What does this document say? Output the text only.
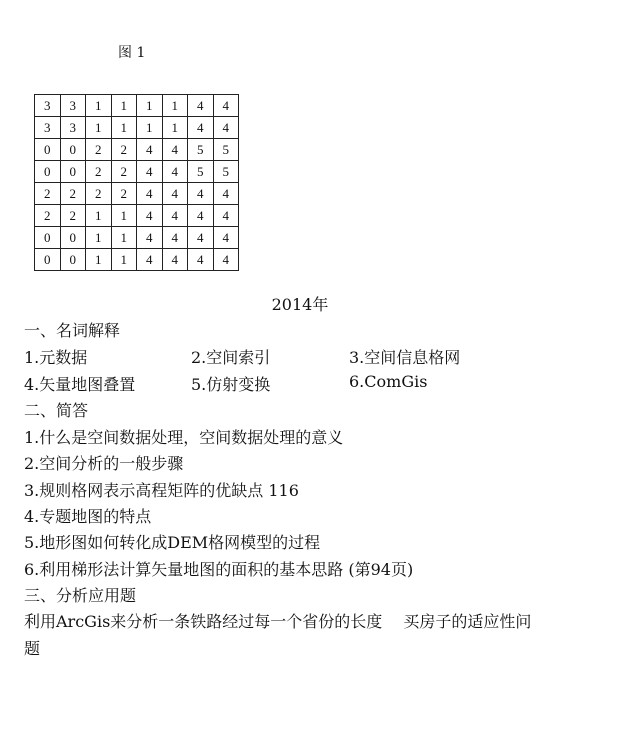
图 1
3	3	1	1	1	1	4	4
3	3	1	1	1	1	4	4
0	0	2	2	4	4	5	5
0	0	2	2	4	4	5	5
2	2	2	2	4	4	4	4
2	2	1	1	4	4	4	4
0	0	1	1	4	4	4	4
0	0	1	1	4	4	4	4
2014年
一、名词解释
1.元数据	2.空间索引	3.空间信息格网
4.矢量地图叠置	5.仿射变换	6.ComGis
二、简答
1.什么是空间数据处理，空间数据处理的意义
2.空间分析的一般步骤
3.规则格网表示高程矩阵的优缺点 116
4.专题地图的特点
5.地形图如何转化成DEM格网模型的过程
6.利用梯形法计算矢量地图的面积的基本思路 (第94页)
三、分析应用题
利用ArcGis来分析一条铁路经过每一个省份的长度　 买房子的适应性问
题
